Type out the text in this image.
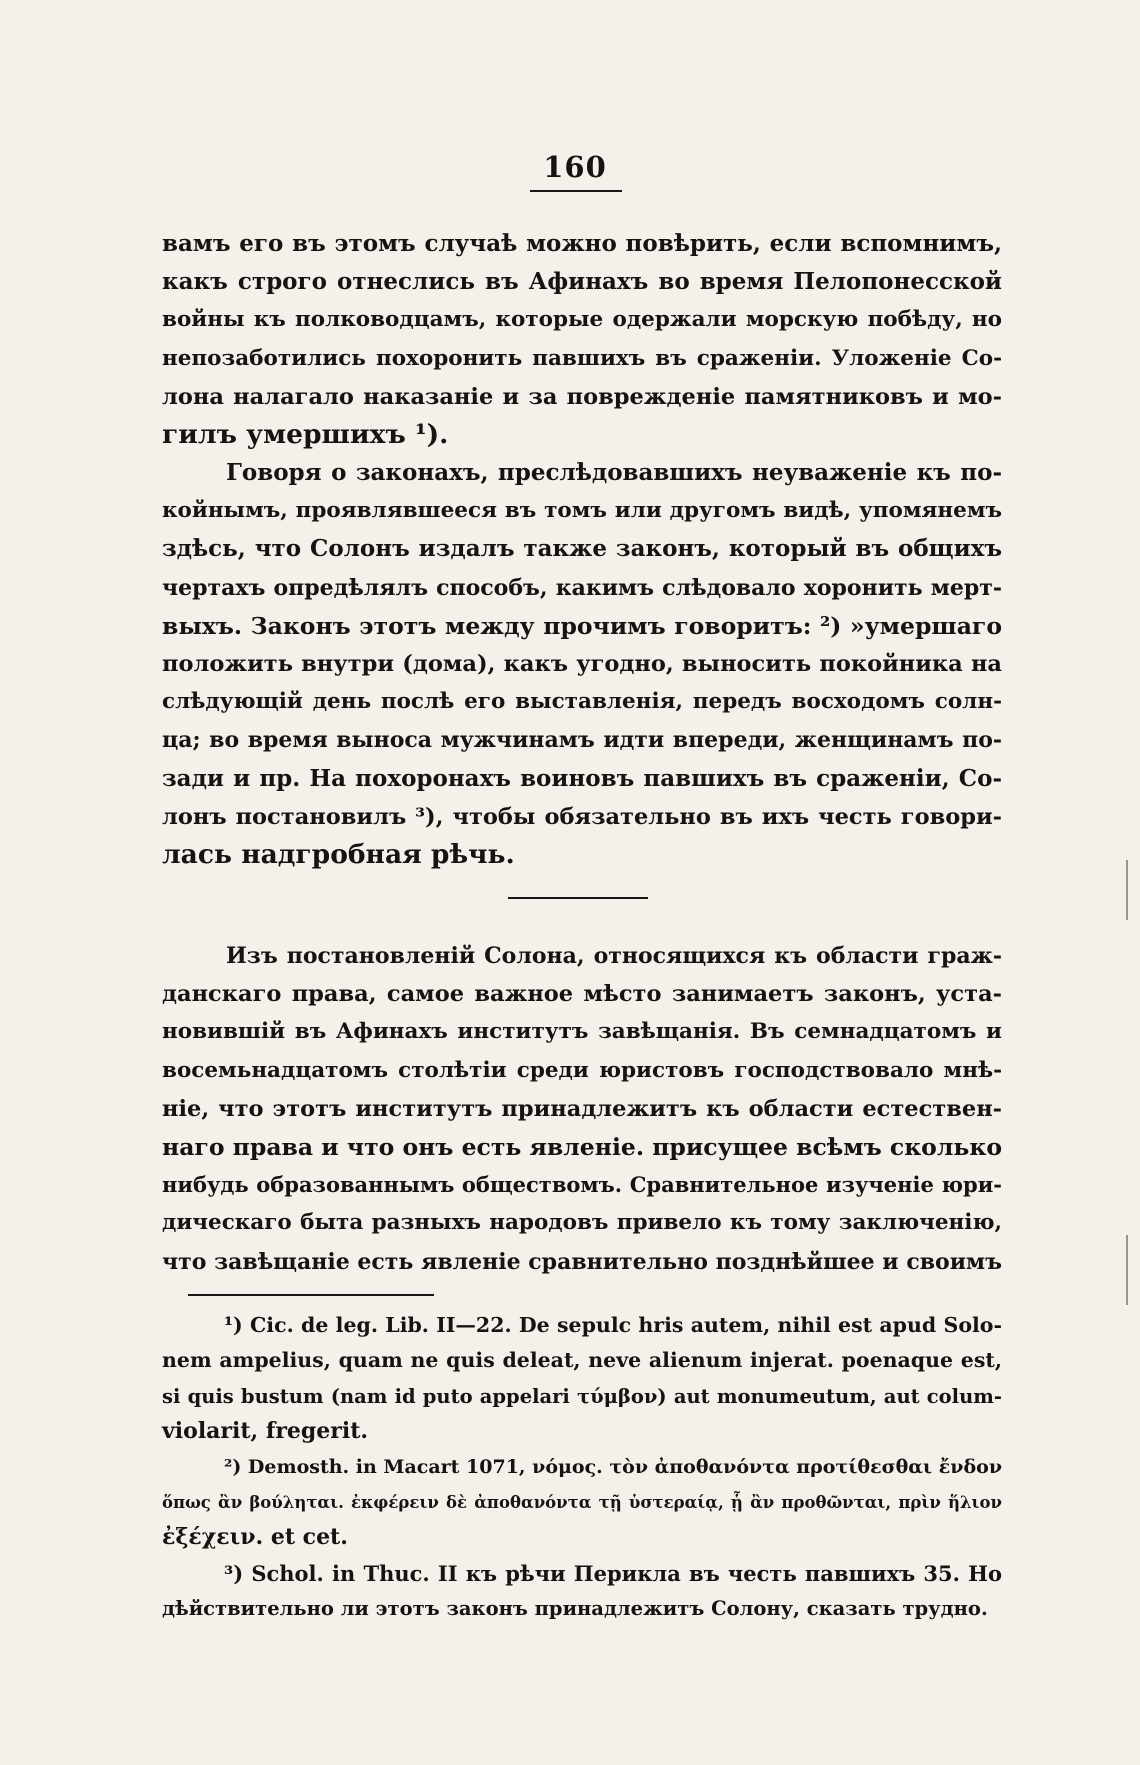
160
вамъ его въ этомъ случаѣ можно повѣрить, если вспомнимъ,
какъ строго отнеслись въ Афинахъ во время Пелопонесской
войны къ полководцамъ, которые одержали морскую побѣду, но
непозаботились похоронить павшихъ въ сраженіи. Уложеніе Со-
лона налагало наказаніе и за поврежденіе памятниковъ и мо-
гилъ умершихъ ¹).
Говоря о законахъ, преслѣдовавшихъ неуваженіе къ по-
койнымъ, проявлявшееся въ томъ или другомъ видѣ, упомянемъ
здѣсь, что Солонъ издалъ также законъ, который въ общихъ
чертахъ опредѣлялъ способъ, какимъ слѣдовало хоронить мерт-
выхъ. Законъ этотъ между прочимъ говоритъ: ²) »умершаго
положить внутри (дома), какъ угодно, выносить покойника на
слѣдующій день послѣ его выставленія, передъ восходомъ солн-
ца; во время выноса мужчинамъ идти впереди, женщинамъ по-
зади и пр. На похоронахъ воиновъ павшихъ въ сраженіи, Со-
лонъ постановилъ ³), чтобы обязательно въ ихъ честь говори-
лась надгробная рѣчь.
Изъ постановленій Солона, относящихся къ области граж-
данскаго права, самое важное мѣсто занимаетъ законъ, уста-
новившій въ Афинахъ институтъ завѣщанія. Въ семнадцатомъ и
восемьнадцатомъ столѣтіи среди юристовъ господствовало мнѣ-
ніе, что этотъ институтъ принадлежитъ къ области естествен-
наго права и что онъ есть явленіе. присущее всѣмъ сколько
нибудь образованнымъ обществомъ. Сравнительное изученіе юри-
дическаго быта разныхъ народовъ привело къ тому заключенію,
что завѣщаніе есть явленіе сравнительно позднѣйшее и своимъ
¹) Cic. de leg. Lib. II—22. De sepulc hris autem, nihil est apud Solo-
nem ampelius, quam ne quis deleat, neve alienum injerat. poenaque est,
si quis bustum (nam id puto appelari τύμβον) aut monumeutum, aut colum-
violarit, fregerit.
²) Demosth. in Macart 1071, νόμος. τὸν ἀποθανόντα προτίθεσθαι ἔνδον
ὅπως ἂν βούληται. ἐκφέρειν δὲ ἀποθανόντα τῇ ὑστεραίᾳ, ᾗ ἂν προθῶνται, πρὶν ἥλιον
ἐξέχειν. et cet.
³) Schol. in Thuc. II къ рѣчи Перикла въ честь павшихъ 35. Но
дѣйствительно ли этотъ законъ принадлежитъ Солону, сказать трудно.
